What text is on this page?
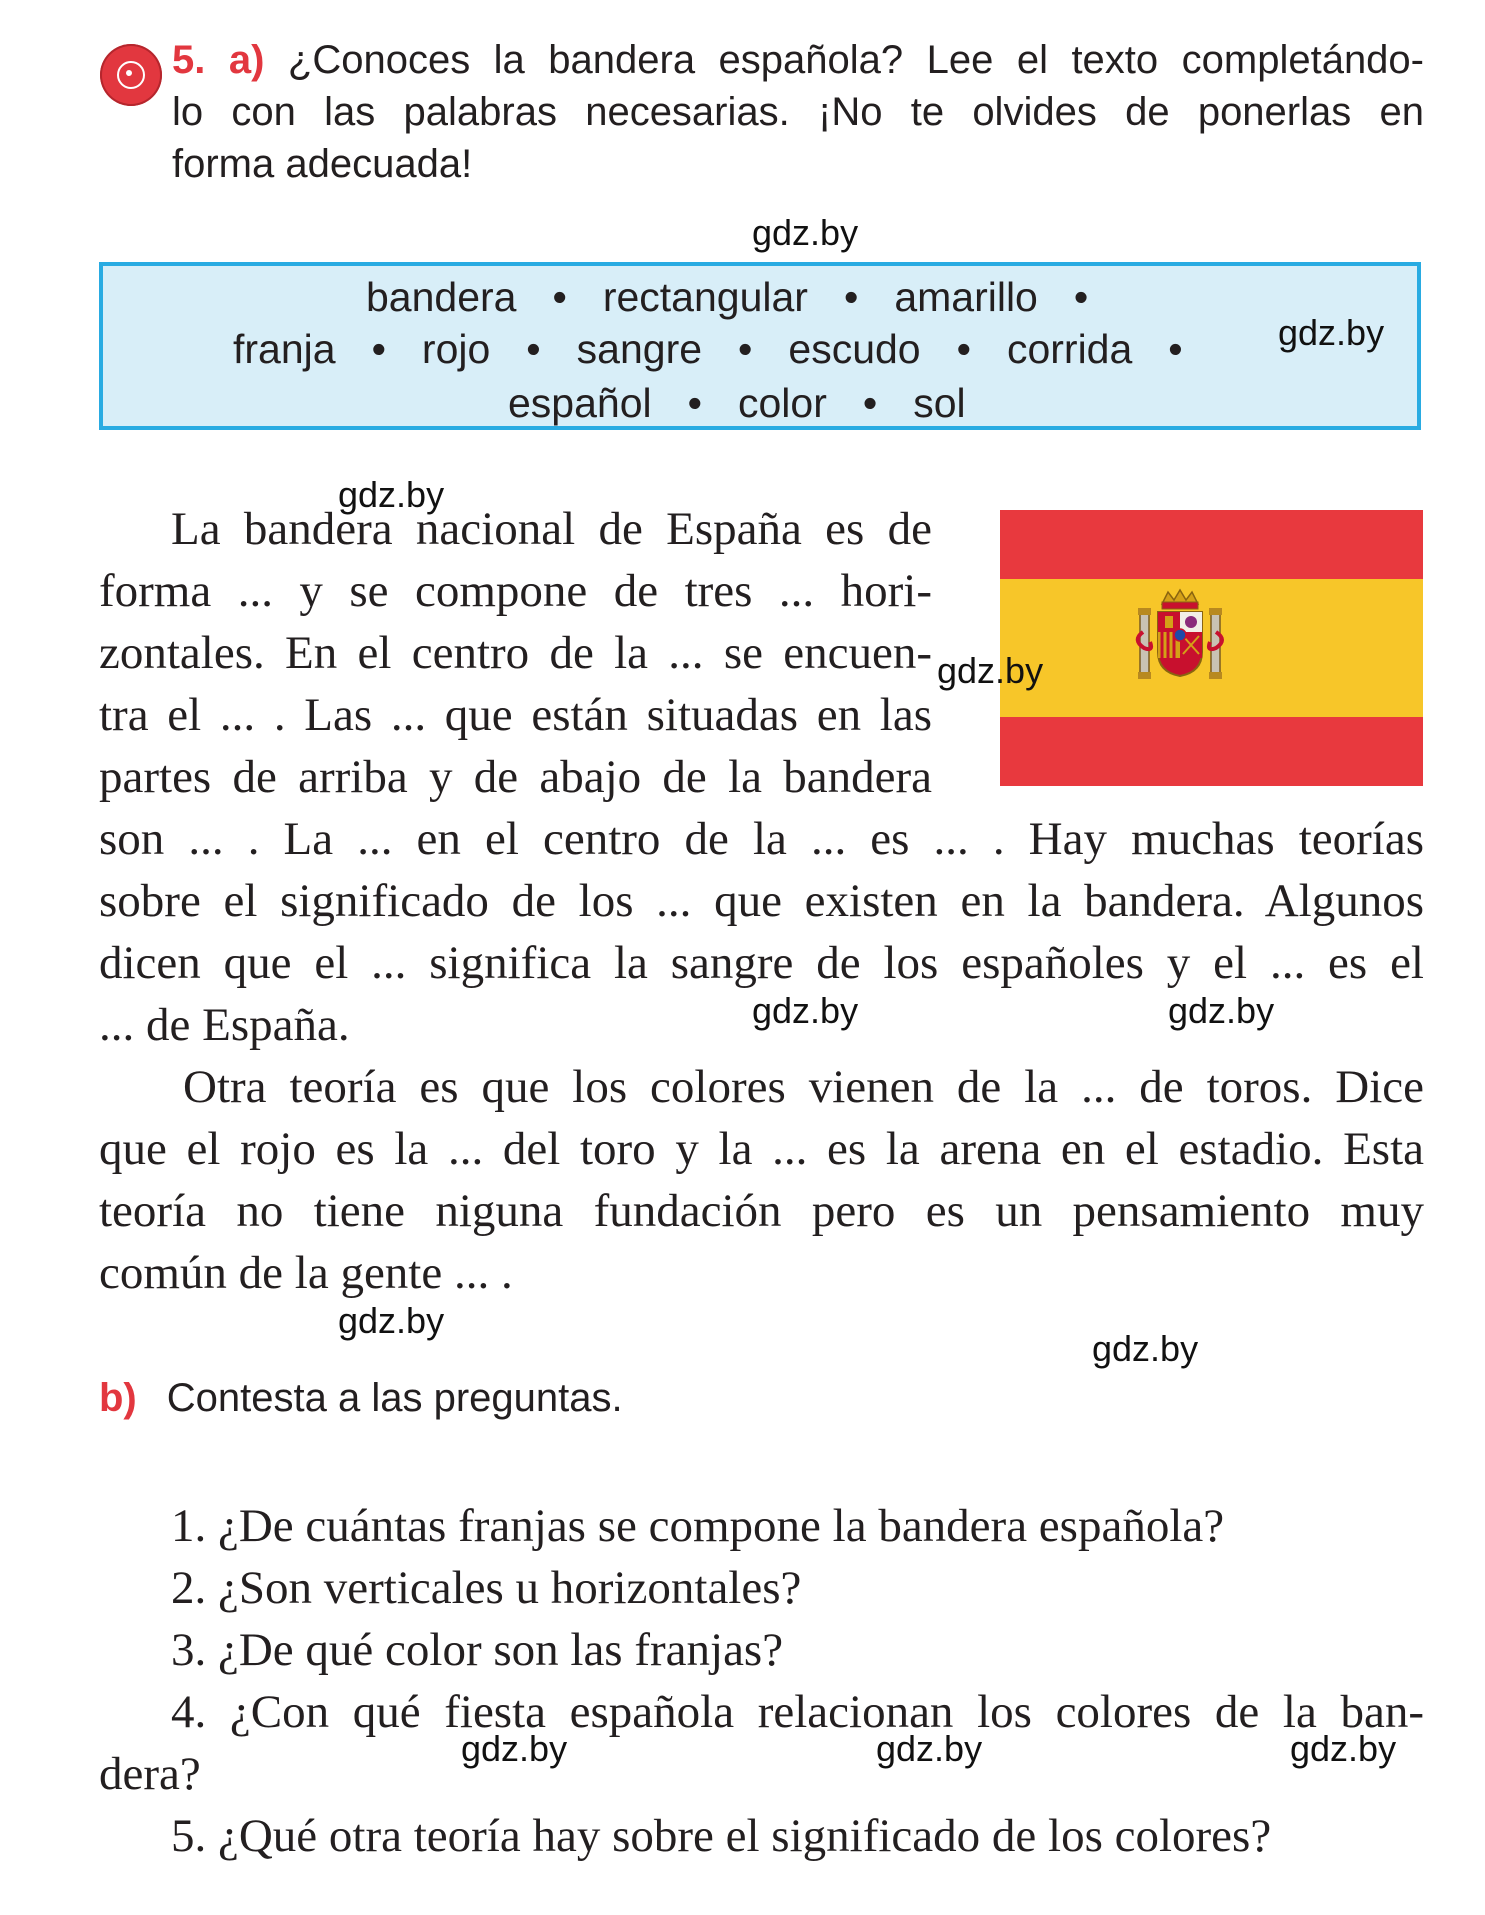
5. a) ¿Conoces la bandera española? Lee el texto completándo-
lo con las palabras necesarias. ¡No te olvides de ponerlas en
forma adecuada!
bandera • rectangular • amarillo •
franja • rojo • sangre • escudo • corrida •
español • color • sol
La bandera nacional de España es de
forma ... y se compone de tres ... hori-
zontales. En el centro de la ... se encuen-
tra el ... . Las ... que están situadas en las
partes de arriba y de abajo de la bandera
son ... . La ... en el centro de la ... es ... . Hay muchas teorías
sobre el significado de los ... que existen en la bandera. Algunos
dicen que el ... significa la sangre de los españoles y el ... es el
... de España.
Otra teoría es que los colores vienen de la ... de toros. Dice
que el rojo es la ... del toro y la ... es la arena en el estadio. Esta
teoría no tiene niguna fundación pero es un pensamiento muy
común de la gente ... .
b) Contesta a las preguntas.
1. ¿De cuántas franjas se compone la bandera española?
2. ¿Son verticales u horizontales?
3. ¿De qué color son las franjas?
4. ¿Con qué fiesta española relacionan los colores de la ban-
dera?
5. ¿Qué otra teoría hay sobre el significado de los colores?
gdz.by
gdz.by
gdz.by
gdz.by
gdz.by	gdz.by
gdz.by
gdz.by
gdz.by	gdz.by	gdz.by
